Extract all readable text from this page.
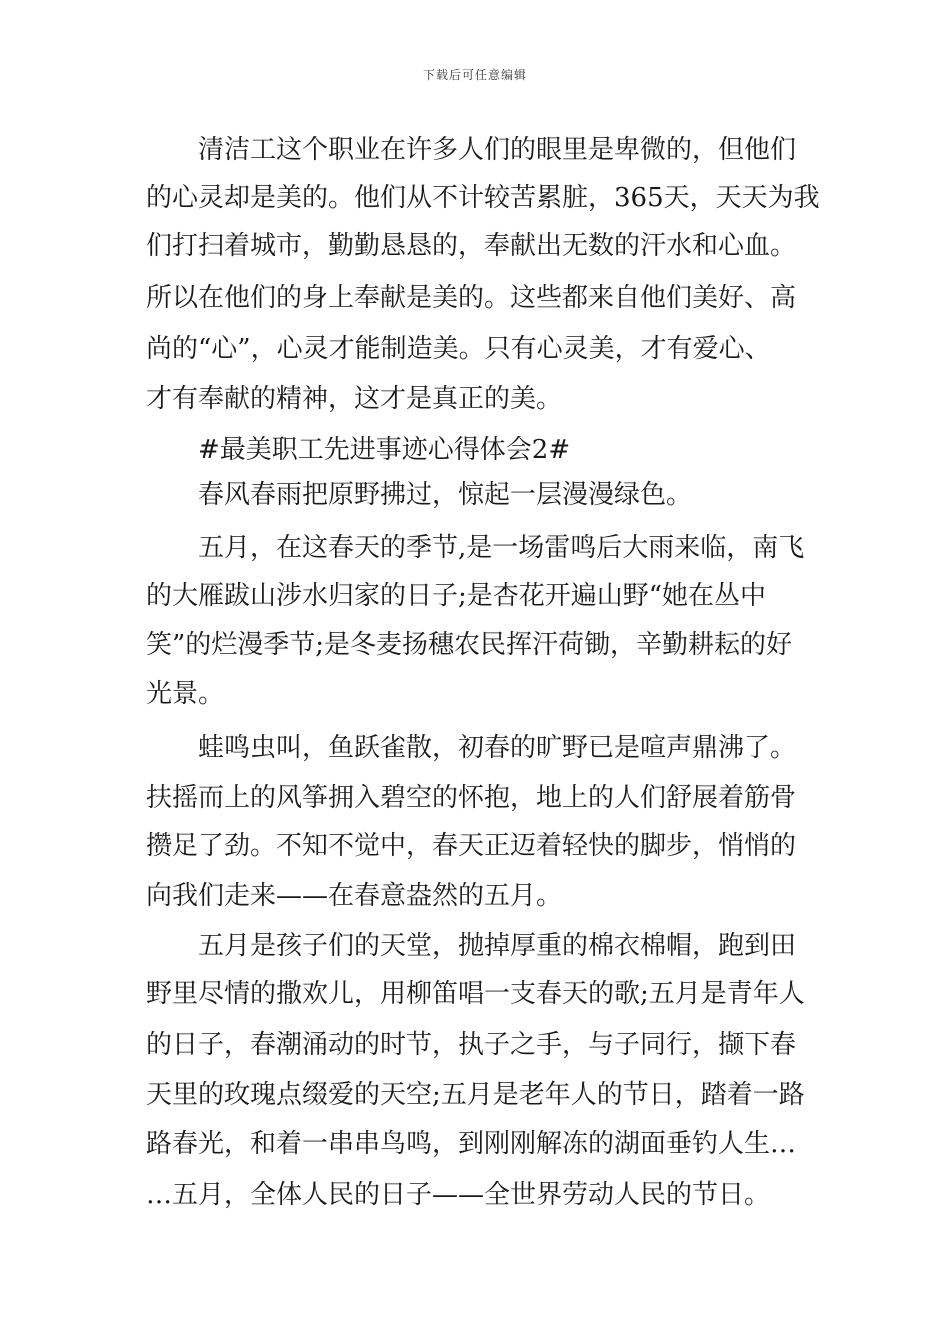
下载后可任意编辑
　　清洁工这个职业在许多人们的眼里是卑微的，但他们
的心灵却是美的。他们从不计较苦累脏，365天，天天为我
们打扫着城市，勤勤恳恳的，奉献出无数的汗水和心血。
所以在他们的身上奉献是美的。这些都来自他们美好、高
尚的“心”，心灵才能制造美。只有心灵美，才有爱心、
才有奉献的精神，这才是真正的美。
　　#最美职工先进事迹心得体会2#
　　春风春雨把原野拂过，惊起一层漫漫绿色。
　　五月，在这春天的季节,是一场雷鸣后大雨来临，南飞
的大雁跋山涉水归家的日子;是杏花开遍山野“她在丛中
笑”的烂漫季节;是冬麦扬穗农民挥汗荷锄，辛勤耕耘的好
光景。
　　蛙鸣虫叫，鱼跃雀散，初春的旷野已是喧声鼎沸了。
扶摇而上的风筝拥入碧空的怀抱，地上的人们舒展着筋骨
攒足了劲。不知不觉中，春天正迈着轻快的脚步，悄悄的
向我们走来——在春意盎然的五月。
　　五月是孩子们的天堂，抛掉厚重的棉衣棉帽，跑到田
野里尽情的撒欢儿，用柳笛唱一支春天的歌;五月是青年人
的日子，春潮涌动的时节，执子之手，与子同行，撷下春
天里的玫瑰点缀爱的天空;五月是老年人的节日，踏着一路
路春光，和着一串串鸟鸣，到刚刚解冻的湖面垂钓人生…
…五月，全体人民的日子——全世界劳动人民的节日。
